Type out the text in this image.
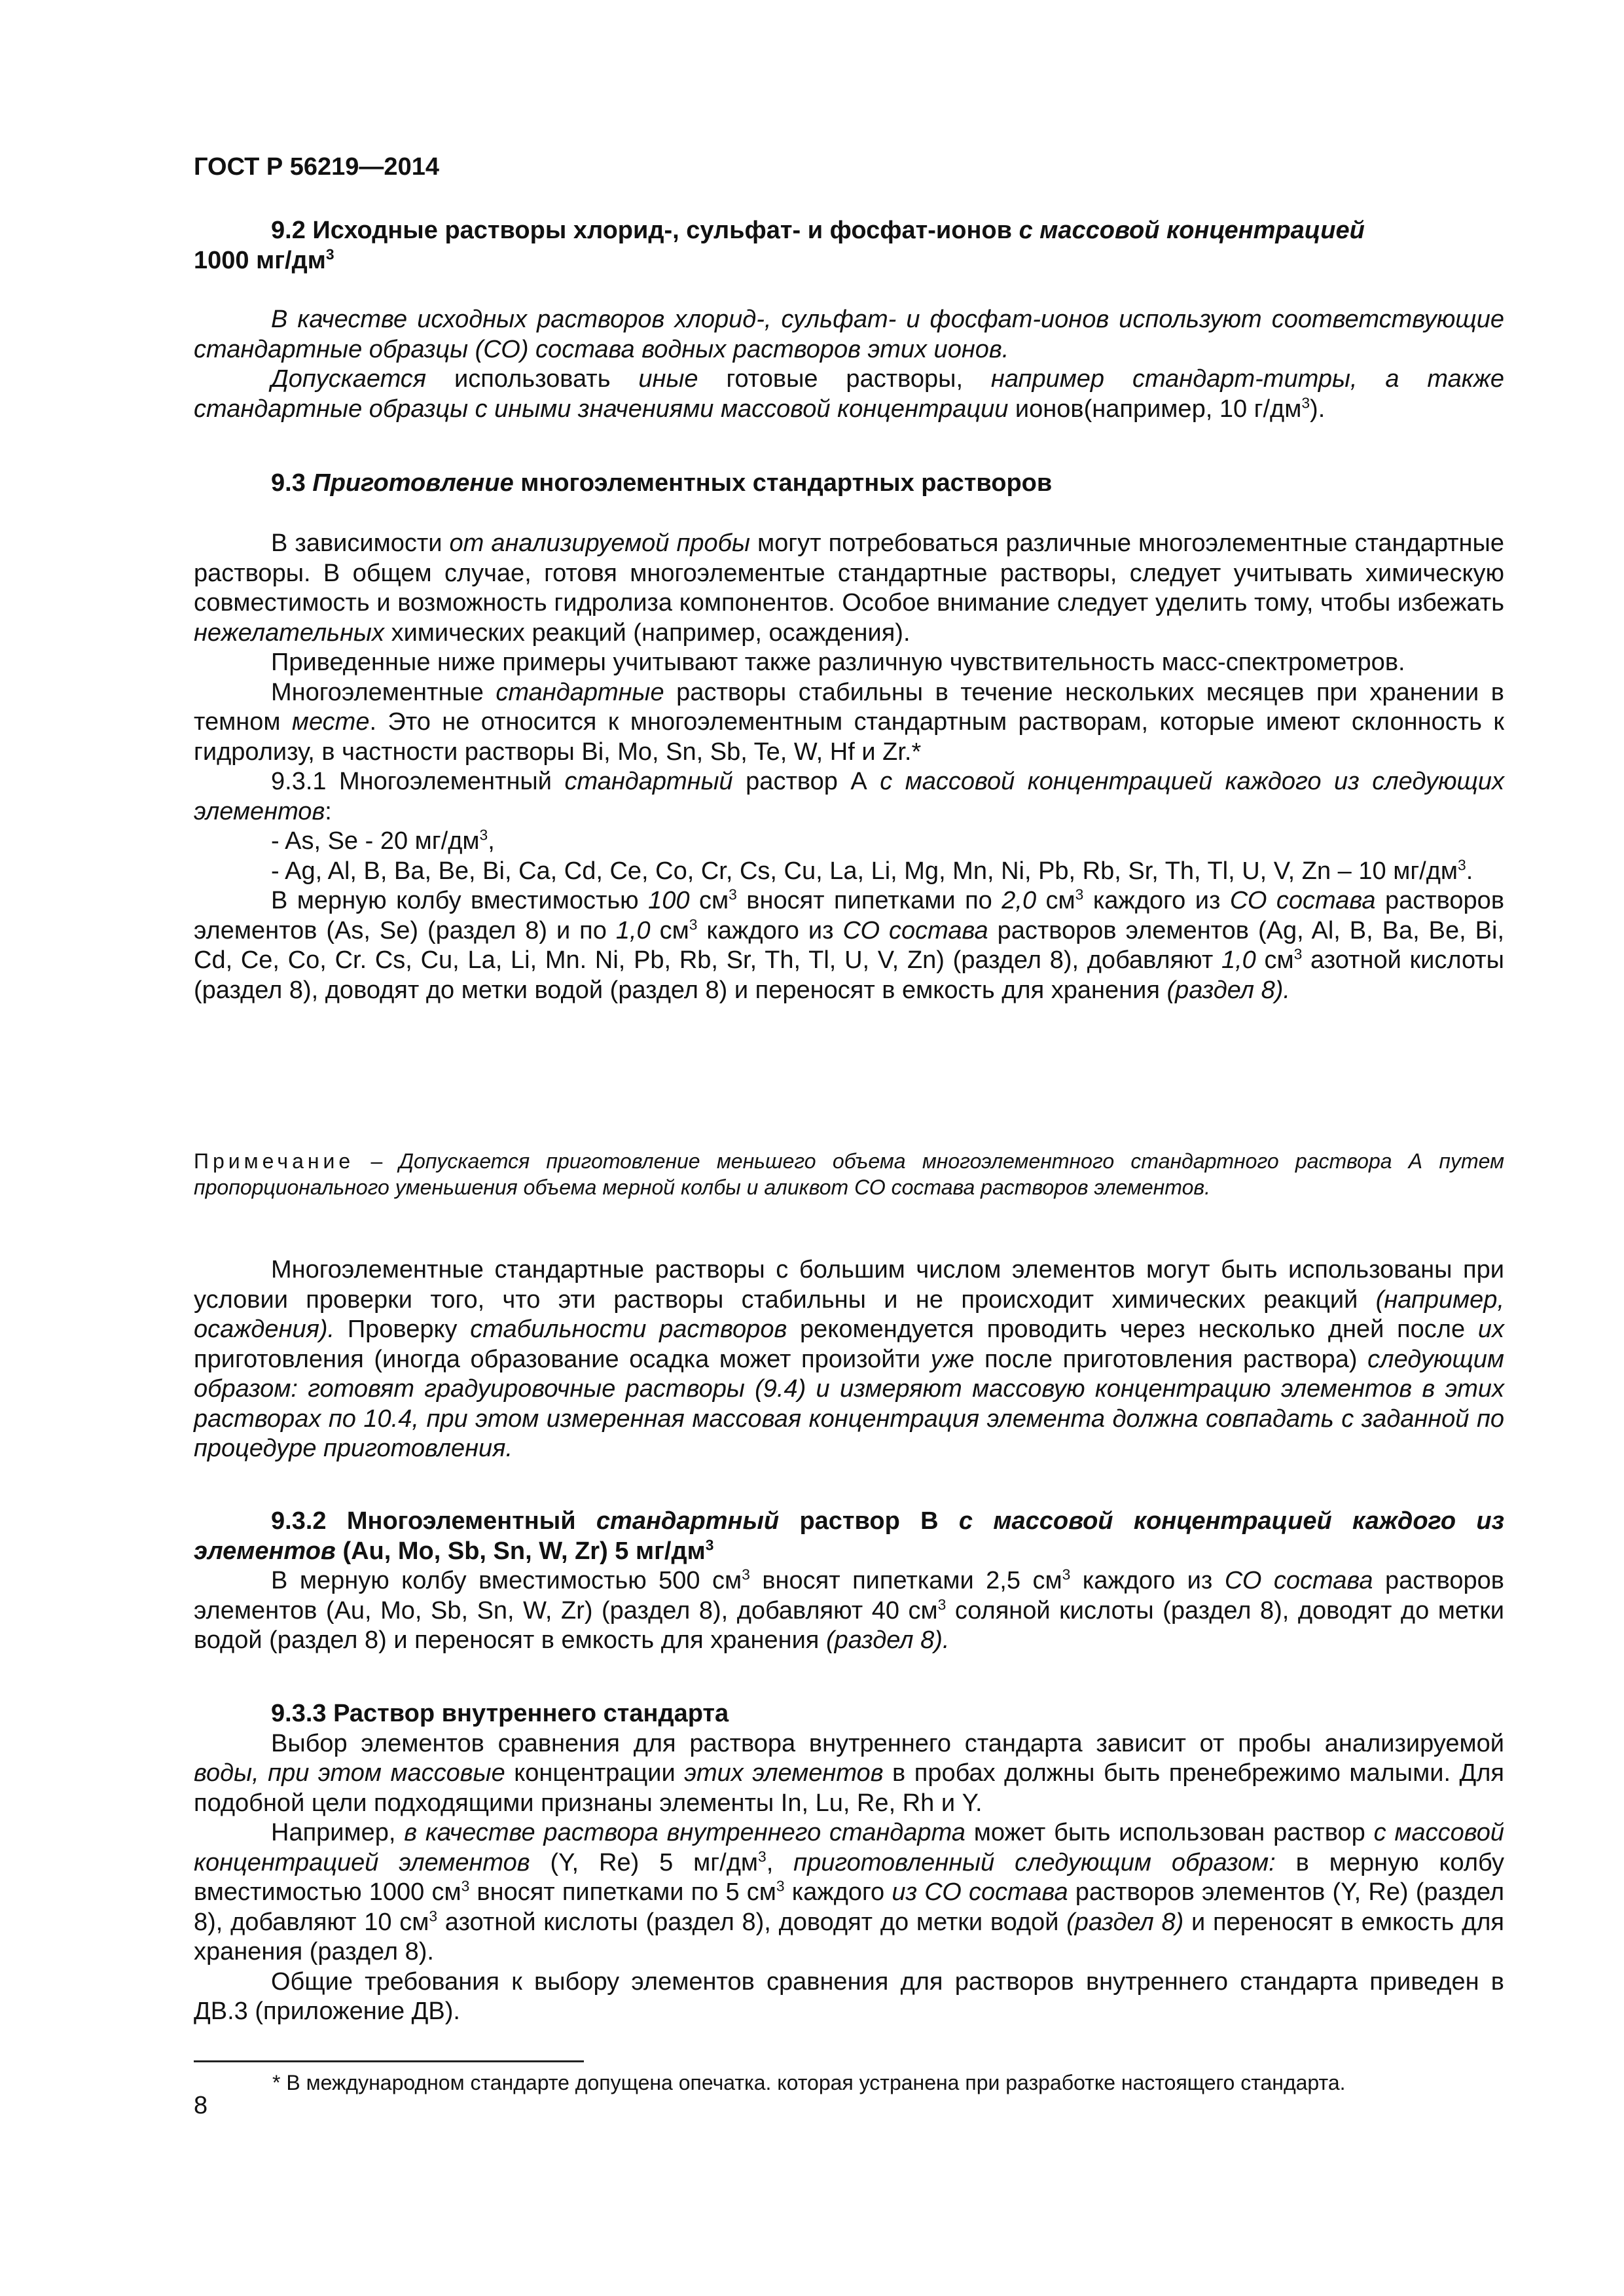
ГОСТ Р 56219—2014

9.2 Исходные растворы хлорид-, сульфат- и фосфат-ионов с массовой концентрацией
1000 $мг/дм^3$

В качестве исходных растворов хлорид-, сульфат- и фосфат-ионов используют соответствующие стандартные образцы (СО) состава водных растворов этих ионов.

Допускается использовать иные готовые растворы, например стандарт-титры, а также стандартные образцы с иными значениями массовой концентрации ионов(например, 10 $г/дм^3$).

9.3 Приготовление многоэлементных стандартных растворов

В зависимости от анализируемой пробы могут потребоваться различные многоэлементные стандартные растворы. В общем случае, готовя многоэлементые стандартные растворы, следует учитывать химическую совместимость и возможность гидролиза компонентов. Особое внимание следует уделить тому, чтобы избежать нежелательных химических реакций (например, осаждения).

Приведенные ниже примеры учитывают также различную чувствительность масс-спектрометров.

Многоэлементные стандартные растворы стабильны в течение нескольких месяцев при хранении в темном месте. Это не относится к многоэлементным стандартным растворам, которые имеют склонность к гидролизу, в частности растворы Bi, Mo, Sn, Sb, Te, W, Hf и Zr.*

9.3.1 Многоэлементный стандартный раствор А с массовой концентрацией каждого из следующих элементов:

- As, Se - 20 $мг/дм^3$,

- Ag, Al, B, Ba, Be, Bi, Ca, Cd, Ce, Co, Cr, Cs, Cu, La, Li, Mg, Mn, Ni, Pb, Rb, Sr, Th, Tl, U, V, Zn – 10 $мг/дм^3$.

В мерную колбу вместимостью 100 $см^3$ вносят пипетками по 2,0 $см^3$ каждого из СО состава растворов элементов (As, Se) (раздел 8) и по 1,0 $см^3$ каждого из СО состава растворов элементов (Ag, Al, B, Ba, Be, Bi, Cd, Ce, Co, Cr. Cs, Cu, La, Li, Mn. Ni, Pb, Rb, Sr, Th, Tl, U, V, Zn) (раздел 8), добавляют 1,0 $см^3$ азотной кислоты (раздел 8), доводят до метки водой (раздел 8) и переносят в емкость для хранения (раздел 8).

Примечание – Допускается приготовление меньшего объема многоэлементного стандартного раствора А путем пропорционального уменьшения объема мерной колбы и аликвот СО состава растворов элементов.

Многоэлементные стандартные растворы с большим числом элементов могут быть использованы при условии проверки того, что эти растворы стабильны и не происходит химических реакций (например, осаждения). Проверку стабильности растворов рекомендуется проводить через несколько дней после их приготовления (иногда образование осадка может произойти уже после приготовления раствора) следующим образом: готовят градуировочные растворы (9.4) и измеряют массовую концентрацию элементов в этих растворах по 10.4, при этом измеренная массовая концентрация элемента должна совпадать с заданной по процедуре приготовления.

9.3.2 Многоэлементный стандартный раствор В с массовой концентрацией каждого из элементов (Au, Mo, Sb, Sn, W, Zr) 5 $мг/дм^3$

В мерную колбу вместимостью 500 $см^3$ вносят пипетками 2,5 $см^3$ каждого из СО состава растворов элементов (Au, Mo, Sb, Sn, W, Zr) (раздел 8), добавляют 40 $см^3$ соляной кислоты (раздел 8), доводят до метки водой (раздел 8) и переносят в емкость для хранения (раздел 8).

9.3.3 Раствор внутреннего стандарта

Выбор элементов сравнения для раствора внутреннего стандарта зависит от пробы анализируемой воды, при этом массовые концентрации этих элементов в пробах должны быть пренебрежимо малыми. Для подобной цели подходящими признаны элементы In, Lu, Re, Rh и Y.

Например, в качестве раствора внутреннего стандарта может быть использован раствор с массовой концентрацией элементов (Y, Re) 5 $мг/дм^3$, приготовленный следующим образом: в мерную колбу вместимостью 1000 $см^3$ вносят пипетками по 5 $см^3$ каждого из СО состава растворов элементов (Y, Re) (раздел 8), добавляют 10 $см^3$ азотной кислоты (раздел 8), доводят до метки водой (раздел 8) и переносят в емкость для хранения (раздел 8).

Общие требования к выбору элементов сравнения для растворов внутреннего стандарта приведен в ДВ.3 (приложение ДВ).

* В международном стандарте допущена опечатка. которая устранена при разработке настоящего стандарта.
8
